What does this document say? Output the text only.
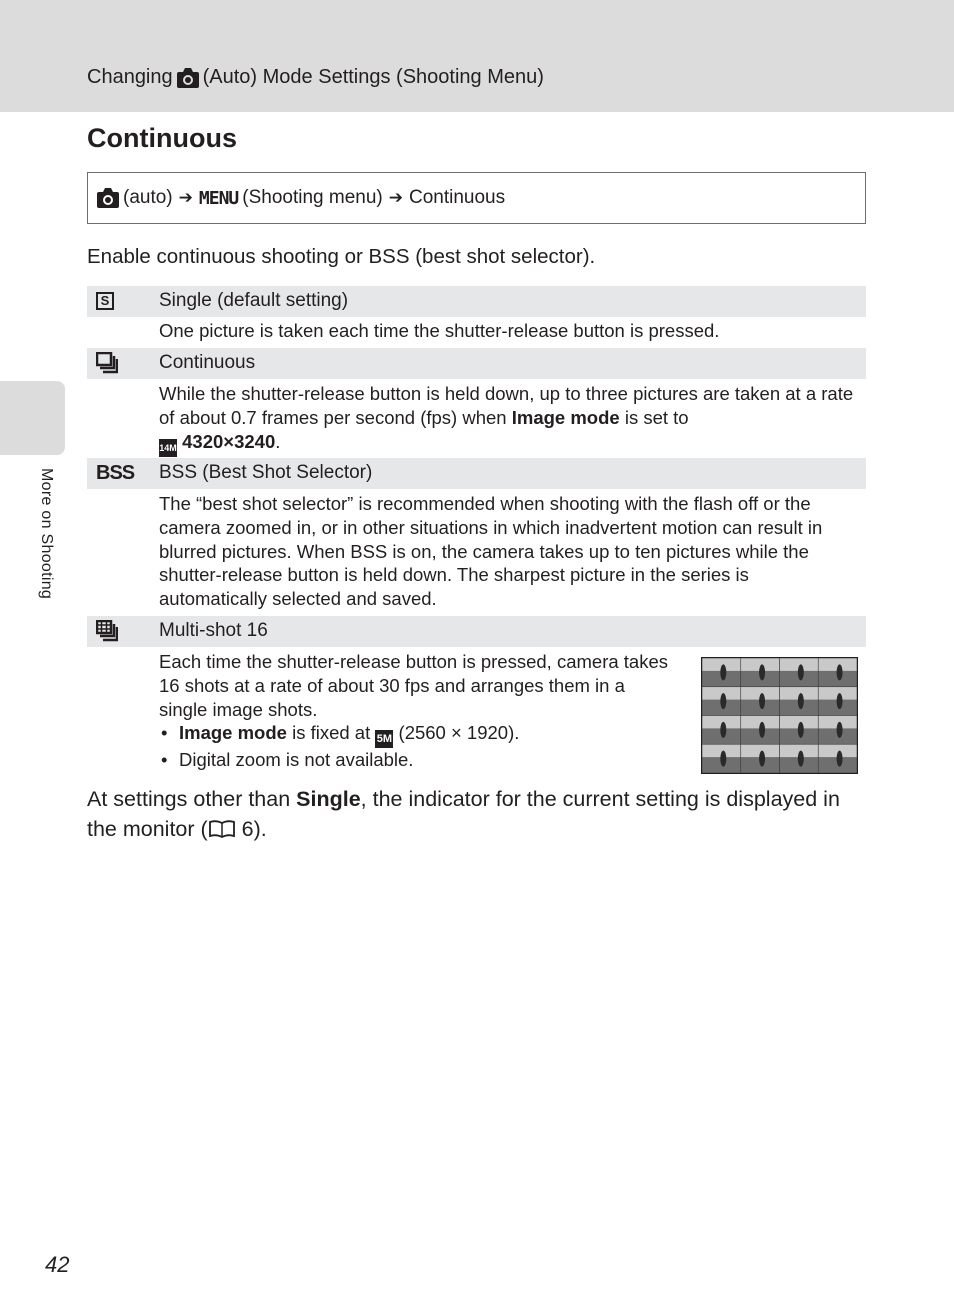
Changing (Auto) Mode Settings (Shooting Menu)
More on Shooting
Continuous
(auto) ➔ MENU (Shooting menu) ➔ Continuous

Enable continuous shooting or BSS (best shot selector).

S	Single (default setting)

One picture is taken each time the shutter-release button is pressed.

Continuous

While the shutter-release button is held down, up to three pictures are taken at a rate of about 0.7 frames per second (fps) when Image mode is set to
14M 4320×3240.

BSS BSS (Best Shot Selector)

The “best shot selector” is recommended when shooting with the flash off or the camera zoomed in, or in other situations in which inadvertent motion can result in blurred pictures. When BSS is on, the camera takes up to ten pictures while the shutter-release button is held down. The sharpest picture in the series is automatically selected and saved.

Multi-shot 16
Each time the shutter-release button is pressed, camera takes 16 shots at a rate of about 30 fps and arranges them in a single image shots.
• Image mode is fixed at 5M (2560 × 1920).
• Digital zoom is not available.

At settings other than Single, the indicator for the current setting is displayed in the monitor ( 6).

42
